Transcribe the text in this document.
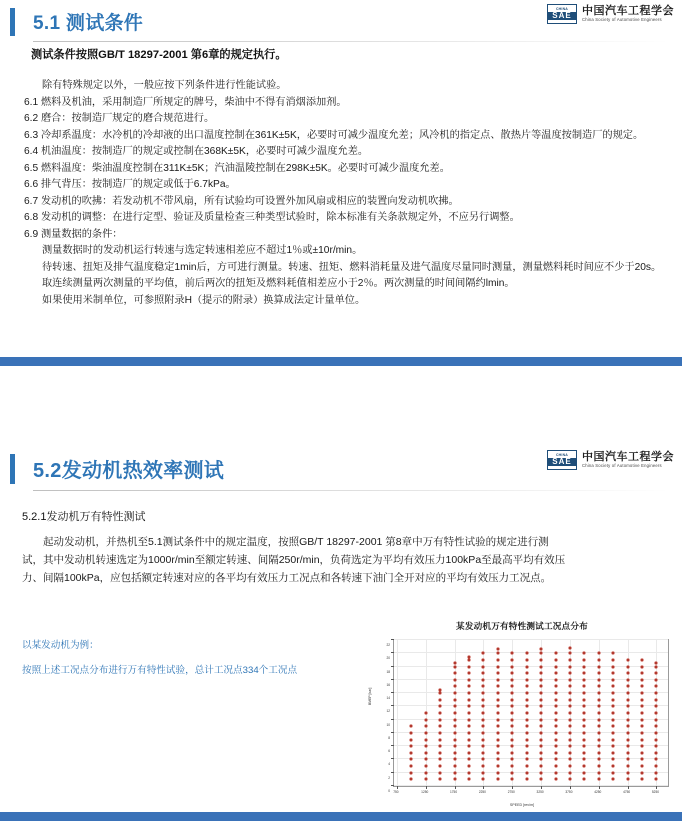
5.1 测试条件
CHINA
SAE 中国汽车工程学会
China Society of Automotive Engineers

测试条件按照GB/T 18297-2001 第6章的规定执行。

除有特殊规定以外，一般应按下列条件进行性能试验。

6.1 燃料及机油，采用制造厂所规定的牌号，柴油中不得有消烟添加剂。

6.2 磨合：按制造厂规定的磨合规范进行。

6.3 冷却系温度：水冷机的冷却液的出口温度控制在361K±5K，必要时可减少温度允差；风冷机的指定点、散热片等温度按制造厂的规定。

6.4 机油温度：按制造厂的规定或控制在368K±5K，必要时可减少温度允差。

6.5 燃料温度：柴油温度控制在311K±5K；汽油温陵控制在298K±5K。必要时可减少温度允差。

6.6 排气背压：按制造厂的规定或低于6.7kPa。

6.7 发动机的吹拂：若发动机不带风扇，所有试验均可设置外加风扇或相应的装置向发动机吹拂。

6.8 发动机的调整：在进行定型、验证及质量检查三种类型试验时，除本标准有关条款规定外，不应另行调整。

6.9 测量数据的条件：

测量数据时的发动机运行转速与选定转速相差应不超过1％或±10r/min。

待转速、扭矩及排气温度稳定1min后，方可进行测量。转速、扭矩、燃料消耗量及进气温度尽量同时测量，测量燃料耗时间应不少于20s。

取连续测量两次测量的平均值，前后两次的扭矩及燃料耗值相差应小于2％。两次测量的时间间隔约lmin。

如果使用米制单位，可参照附录H（提示的附录）换算成法定计量单位。

5.2发动机热效率测试
CHINA
SAE 中国汽车工程学会
China Society of Automotive Engineers

5.2.1发动机万有特性测试

起动发动机，并热机至5.1测试条件中的规定温度，按照GB/T 18297-2001 第8章中万有特性试验的规定进行测试，其中发动机转速选定为1000r/min至额定转速、间隔250r/min，负荷选定为平均有效压力100kPa至最高平均有效压力、间隔100kPa，应包括额定转速对应的各平均有效压力工况点和各转速下油门全开对应的平均有效压力工况点。

以某发动机为例：
按照上述工况点分布进行万有特性试验，总计工况点334个工况点
某发动机万有特性测试工况点分布
BMEP [bar]
SPEED [rev/m]
0
2
4
6
8
10
12
14
16
18
20
22
750	1250	1750	2250	2750	3250	3750	4250	4750	5250
